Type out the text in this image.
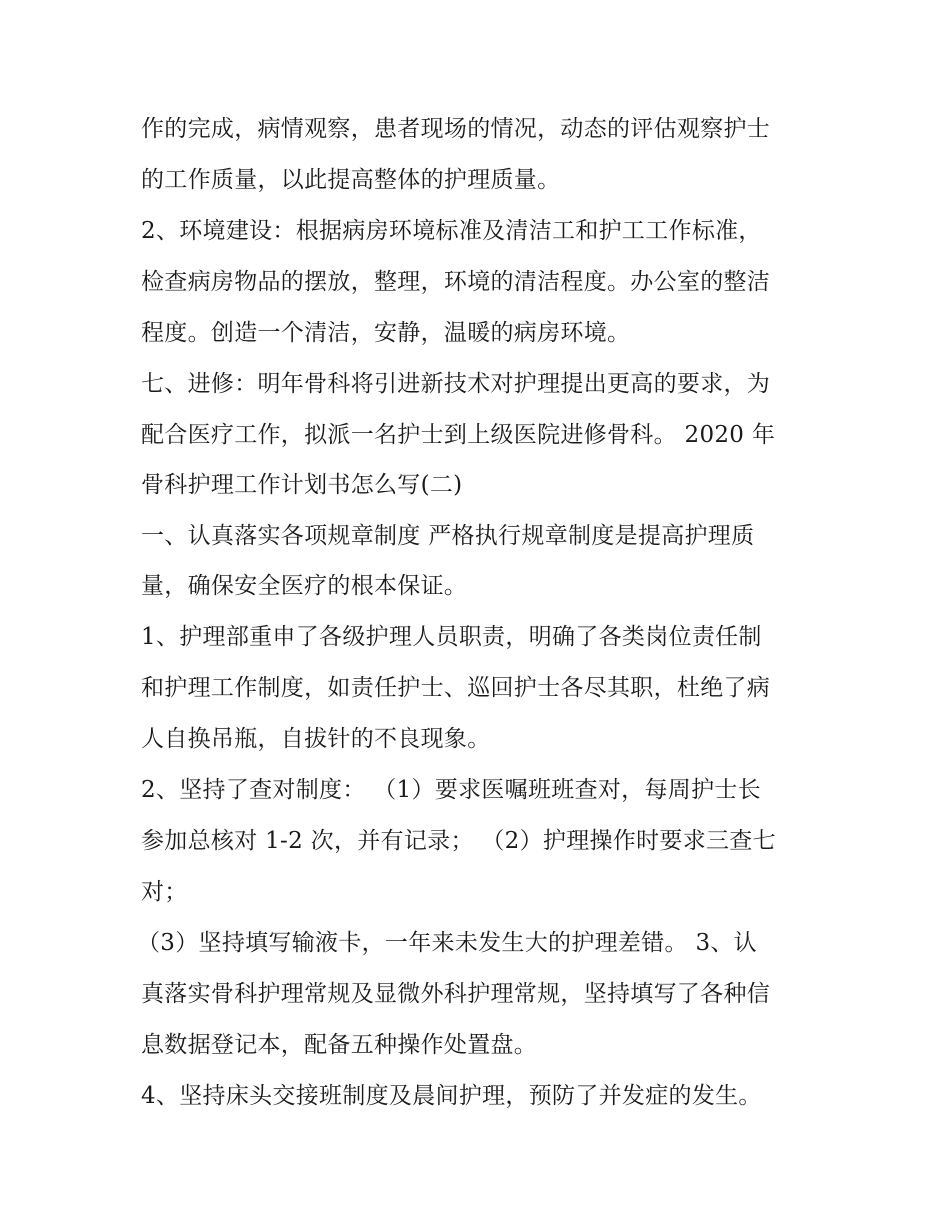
作的完成，病情观察，患者现场的情况，动态的评估观察护士
的工作质量，以此提高整体的护理质量。
2、环境建设：根据病房环境标准及清洁工和护工工作标准，
检查病房物品的摆放，整理，环境的清洁程度。办公室的整洁
程度。创造一个清洁，安静，温暖的病房环境。
七、进修：明年骨科将引进新技术对护理提出更高的要求，为
配合医疗工作，拟派一名护士到上级医院进修骨科。 2020 年
骨科护理工作计划书怎么写(二)
一、认真落实各项规章制度 严格执行规章制度是提高护理质
量，确保安全医疗的根本保证。
1、护理部重申了各级护理人员职责，明确了各类岗位责任制
和护理工作制度，如责任护士、巡回护士各尽其职，杜绝了病
人自换吊瓶，自拔针的不良现象。
2、坚持了查对制度： （1）要求医嘱班班查对，每周护士长
参加总核对 1-2 次，并有记录； （2）护理操作时要求三查七
对；
（3）坚持填写输液卡，一年来未发生大的护理差错。 3、认
真落实骨科护理常规及显微外科护理常规，坚持填写了各种信
息数据登记本，配备五种操作处置盘。
4、坚持床头交接班制度及晨间护理，预防了并发症的发生。
